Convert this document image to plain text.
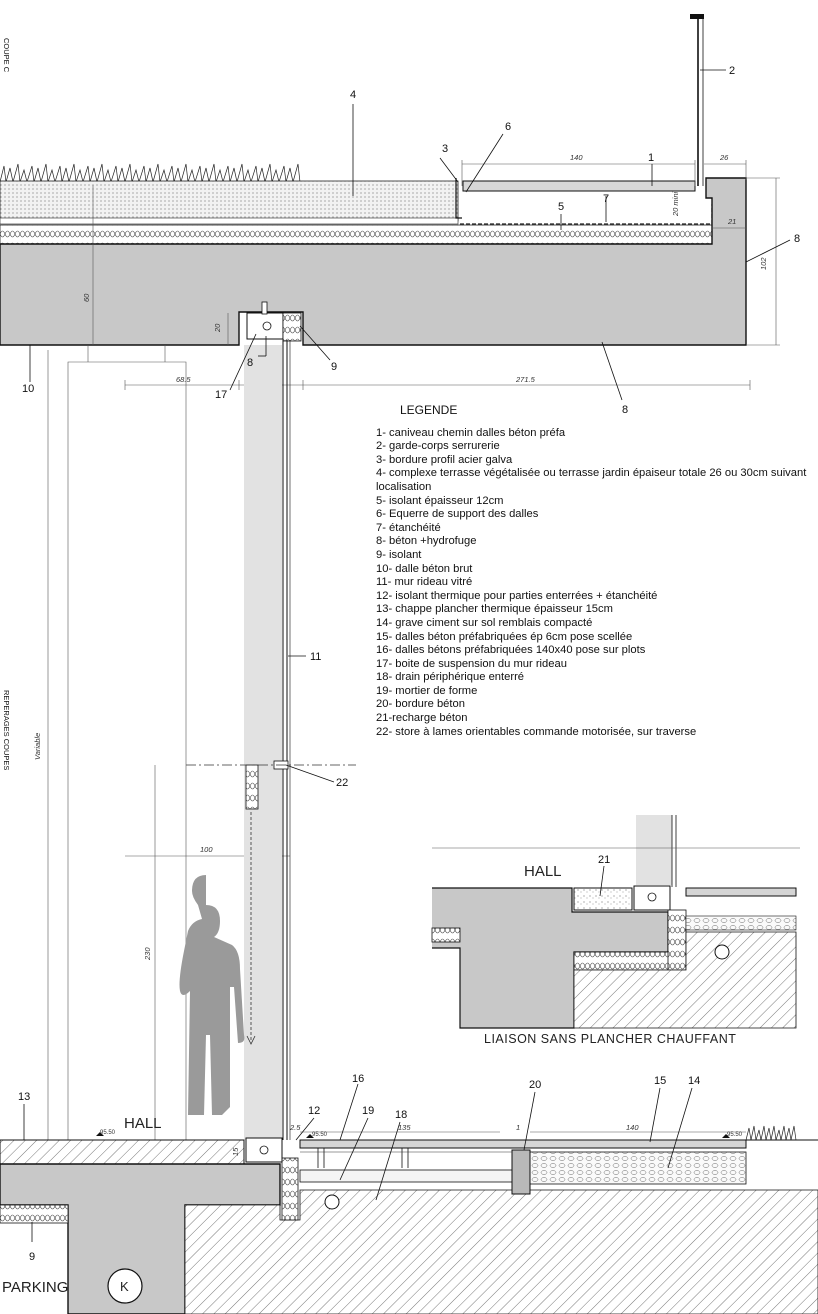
140	26
21
102
60
20
68.5	271.5
100
230
Variable
20 mini
95.50	95.50	95.50
135	140
2.5	1
15
1
2
3
4
5
6
7
8
8
8	9
9
10
11
12
13
14
15
16
17
18
19
20
21
22
HALL
HALL
PARKING	K
LIAISON SANS PLANCHER CHAUFFANT
COUPE C
REPERAGES COUPES
LEGENDE
1- caniveau chemin dalles béton préfa
2- garde-corps serrurerie
3- bordure profil acier galva
4- complexe terrasse végétalisée ou terrasse jardin épaiseur totale 26 ou 30cm suivant localisation
5- isolant épaisseur 12cm
6- Equerre de support des dalles
7- étanchéité
8- béton +hydrofuge
9- isolant
10- dalle béton brut
11- mur rideau vitré
12- isolant thermique pour parties enterrées + étanchéité
13- chappe plancher thermique épaisseur 15cm
14- grave ciment sur sol remblais compacté
15- dalles béton préfabriquées ép 6cm pose scellée
16- dalles bétons préfabriquées 140x40 pose sur plots
17- boite de suspension du mur rideau
18- drain périphérique enterré
19- mortier de forme
20- bordure béton
21-recharge béton
22- store à lames orientables commande motorisée, sur traverse
